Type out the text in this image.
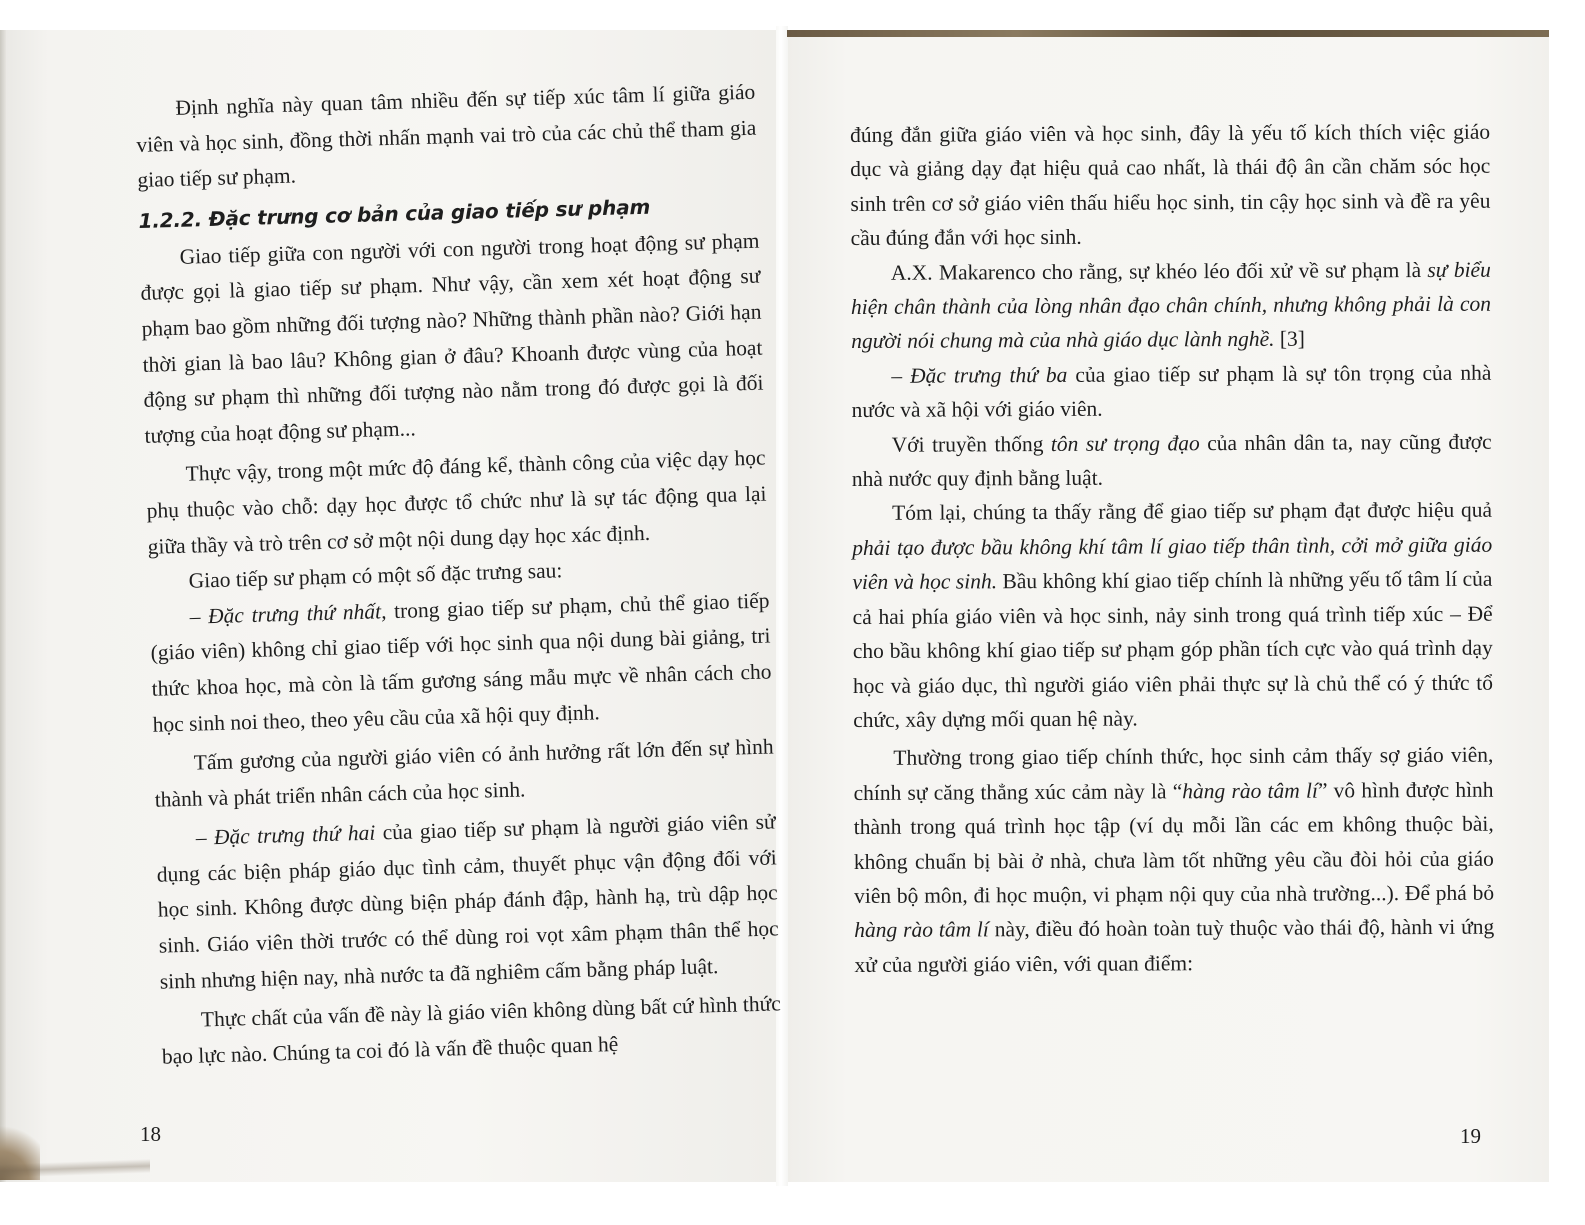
Định nghĩa này quan tâm nhiều đến sự tiếp xúc tâm lí giữa giáo viên và học sinh, đồng thời nhấn mạnh vai trò của các chủ thể tham gia giao tiếp sư phạm.

1.2.2. Đặc trưng cơ bản của giao tiếp sư phạm

Giao tiếp giữa con người với con người trong hoạt động sư phạm được gọi là giao tiếp sư phạm. Như vậy, cần xem xét hoạt động sư phạm bao gồm những đối tượng nào? Những thành phần nào? Giới hạn thời gian là bao lâu? Không gian ở đâu? Khoanh được vùng của hoạt động sư phạm thì những đối tượng nào nằm trong đó được gọi là đối tượng của hoạt động sư phạm...

Thực vậy, trong một mức độ đáng kể, thành công của việc dạy học phụ thuộc vào chỗ: dạy học được tổ chức như là sự tác động qua lại giữa thầy và trò trên cơ sở một nội dung dạy học xác định.

Giao tiếp sư phạm có một số đặc trưng sau:

– Đặc trưng thứ nhất, trong giao tiếp sư phạm, chủ thể giao tiếp (giáo viên) không chỉ giao tiếp với học sinh qua nội dung bài giảng, tri thức khoa học, mà còn là tấm gương sáng mẫu mực về nhân cách cho học sinh noi theo, theo yêu cầu của xã hội quy định.

Tấm gương của người giáo viên có ảnh hưởng rất lớn đến sự hình thành và phát triển nhân cách của học sinh.

– Đặc trưng thứ hai của giao tiếp sư phạm là người giáo viên sử dụng các biện pháp giáo dục tình cảm, thuyết phục vận động đối với học sinh. Không được dùng biện pháp đánh đập, hành hạ, trù dập học sinh. Giáo viên thời trước có thể dùng roi vọt xâm phạm thân thể học sinh nhưng hiện nay, nhà nước ta đã nghiêm cấm bằng pháp luật.

Thực chất của vấn đề này là giáo viên không dùng bất cứ hình thức bạo lực nào. Chúng ta coi đó là vấn đề thuộc quan hệ

18

đúng đắn giữa giáo viên và học sinh, đây là yếu tố kích thích việc giáo dục và giảng dạy đạt hiệu quả cao nhất, là thái độ ân cần chăm sóc học sinh trên cơ sở giáo viên thấu hiểu học sinh, tin cậy học sinh và đề ra yêu cầu đúng đắn với học sinh.

A.X. Makarenco cho rằng, sự khéo léo đối xử về sư phạm là sự biểu hiện chân thành của lòng nhân đạo chân chính, nhưng không phải là con người nói chung mà của nhà giáo dục lành nghề. [3]

– Đặc trưng thứ ba của giao tiếp sư phạm là sự tôn trọng của nhà nước và xã hội với giáo viên.

Với truyền thống tôn sư trọng đạo của nhân dân ta, nay cũng được nhà nước quy định bằng luật.

Tóm lại, chúng ta thấy rằng để giao tiếp sư phạm đạt được hiệu quả phải tạo được bầu không khí tâm lí giao tiếp thân tình, cởi mở giữa giáo viên và học sinh. Bầu không khí giao tiếp chính là những yếu tố tâm lí của cả hai phía giáo viên và học sinh, nảy sinh trong quá trình tiếp xúc – Để cho bầu không khí giao tiếp sư phạm góp phần tích cực vào quá trình dạy học và giáo dục, thì người giáo viên phải thực sự là chủ thể có ý thức tổ chức, xây dựng mối quan hệ này.

Thường trong giao tiếp chính thức, học sinh cảm thấy sợ giáo viên, chính sự căng thẳng xúc cảm này là “hàng rào tâm lí” vô hình được hình thành trong quá trình học tập (ví dụ mỗi lần các em không thuộc bài, không chuẩn bị bài ở nhà, chưa làm tốt những yêu cầu đòi hỏi của giáo viên bộ môn, đi học muộn, vi phạm nội quy của nhà trường...). Để phá bỏ hàng rào tâm lí này, điều đó hoàn toàn tuỳ thuộc vào thái độ, hành vi ứng xử của người giáo viên, với quan điểm:

19
